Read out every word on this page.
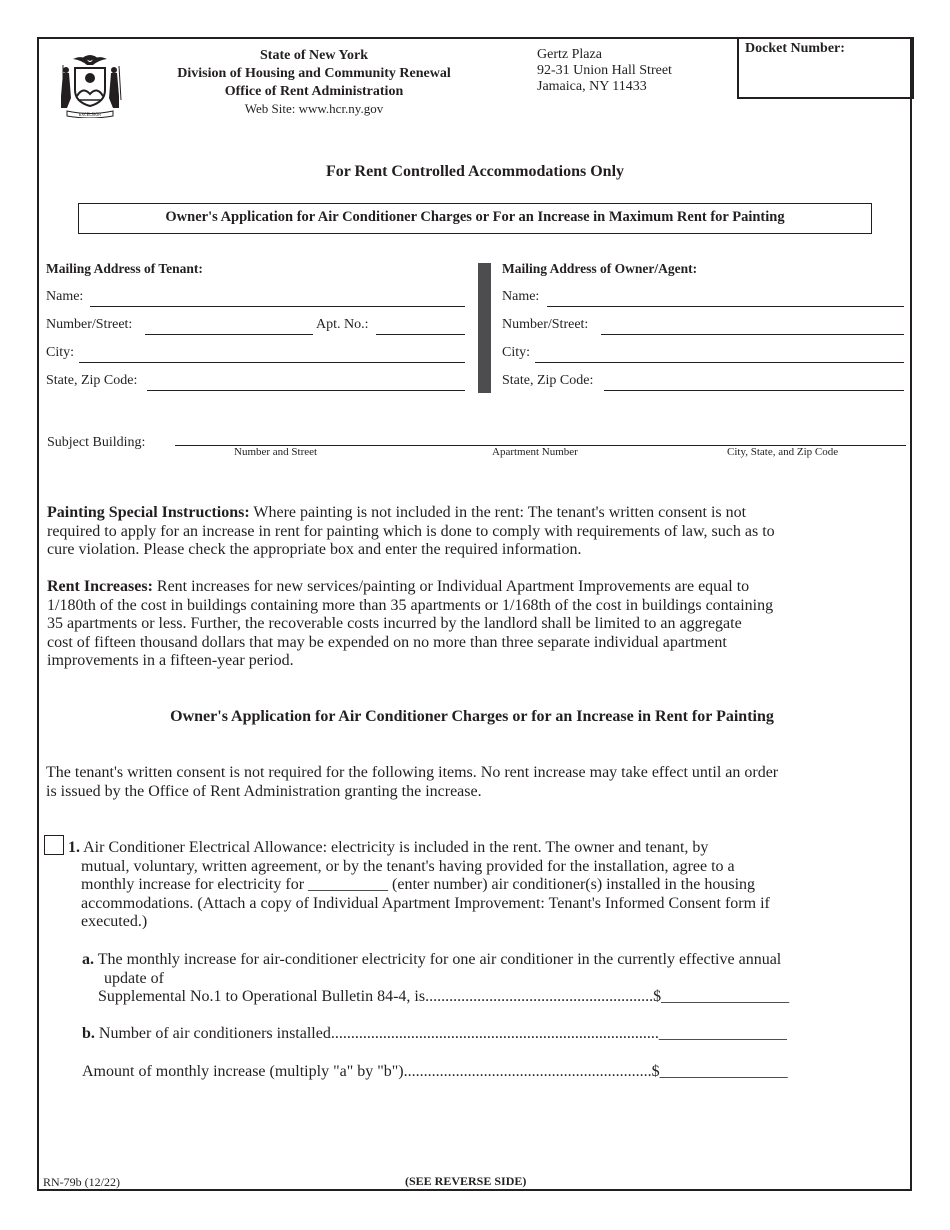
Docket Number:
EXCELSIOR
State of New York
Division of Housing and Community Renewal
Office of Rent Administration
Web Site: www.hcr.ny.gov
Gertz Plaza
92-31 Union Hall Street
Jamaica, NY 11433
For Rent Controlled Accommodations Only
Owner's Application for Air Conditioner Charges or For an Increase in Maximum Rent for Painting
Mailing Address of Tenant:
Name:
Number/Street:	Apt. No.:
City:
State, Zip Code:
Mailing Address of Owner/Agent:
Name:
Number/Street:
City:
State, Zip Code:
Subject Building:
Number and Street	Apartment Number	City, State, and Zip Code
Painting Special Instructions: Where painting is not included in the rent: The tenant's written consent is not
required to apply for an increase in rent for painting which is done to comply with requirements of law, such as to
cure violation. Please check the appropriate box and enter the required information.
Rent Increases: Rent increases for new services/painting or Individual Apartment Improvements are equal to
1/180th of the cost in buildings containing more than 35 apartments or 1/168th of the cost in buildings containing
35 apartments or less. Further, the recoverable costs incurred by the landlord shall be limited to an aggregate
cost of fifteen thousand dollars that may be expended on no more than three separate individual apartment
improvements in a fifteen-year period.
Owner's Application for Air Conditioner Charges or for an Increase in Rent for Painting
The tenant's written consent is not required for the following items. No rent increase may take effect until an order
is issued by the Office of Rent Administration granting the increase.
1. Air Conditioner Electrical Allowance: electricity is included in the rent. The owner and tenant, by
mutual, voluntary, written agreement, or by the tenant's having provided for the installation, agree to a
monthly increase for electricity for __________ (enter number) air conditioner(s) installed in the housing
accommodations. (Attach a copy of Individual Apartment Improvement: Tenant's Informed Consent form if
executed.)
a. The monthly increase for air-conditioner electricity for one air conditioner in the currently effective annual
update of
Supplemental No.1 to Operational Bulletin 84-4, is.........................................................$________________
b. Number of air conditioners installed..................................................................................________________
Amount of monthly increase (multiply "a" by "b")..............................................................$________________
RN-79b (12/22)	(SEE REVERSE SIDE)
